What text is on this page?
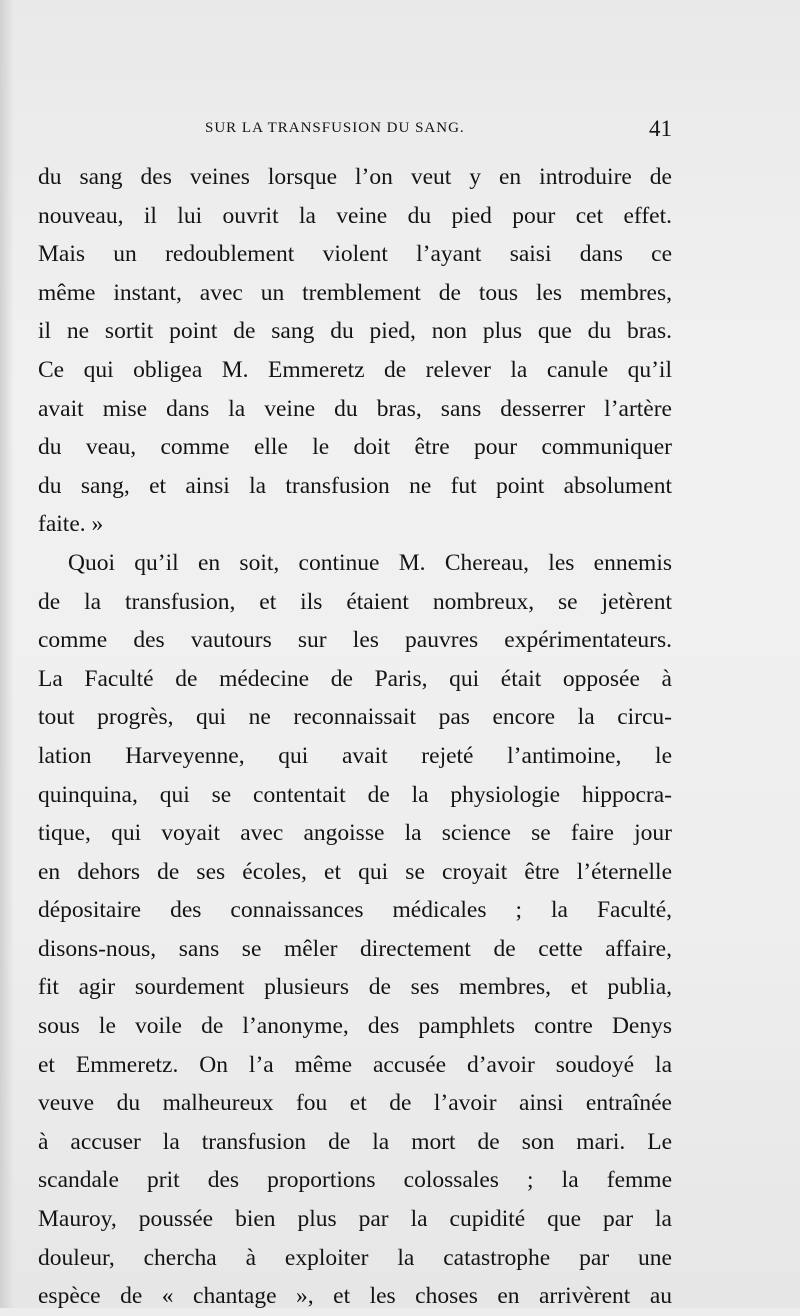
SUR LA TRANSFUSION DU SANG.	41
du sang des veines lorsque l’on veut y en introduire de
nouveau, il lui ouvrit la veine du pied pour cet effet.
Mais un redoublement violent l’ayant saisi dans ce
même instant, avec un tremblement de tous les membres,
il ne sortit point de sang du pied, non plus que du bras.
Ce qui obligea M. Emmeretz de relever la canule qu’il
avait mise dans la veine du bras, sans desserrer l’artère
du veau, comme elle le doit être pour communiquer
du sang, et ainsi la transfusion ne fut point absolument
faite. »
Quoi qu’il en soit, continue M. Chereau, les ennemis
de la transfusion, et ils étaient nombreux, se jetèrent
comme des vautours sur les pauvres expérimentateurs.
La Faculté de médecine de Paris, qui était opposée à
tout progrès, qui ne reconnaissait pas encore la circu-
lation Harveyenne, qui avait rejeté l’antimoine, le
quinquina, qui se contentait de la physiologie hippocra-
tique, qui voyait avec angoisse la science se faire jour
en dehors de ses écoles, et qui se croyait être l’éternelle
dépositaire des connaissances médicales ; la Faculté,
disons-nous, sans se mêler directement de cette affaire,
fit agir sourdement plusieurs de ses membres, et publia,
sous le voile de l’anonyme, des pamphlets contre Denys
et Emmeretz. On l’a même accusée d’avoir soudoyé la
veuve du malheureux fou et de l’avoir ainsi entraînée
à accuser la transfusion de la mort de son mari. Le
scandale prit des proportions colossales ; la femme
Mauroy, poussée bien plus par la cupidité que par la
douleur, chercha à exploiter la catastrophe par une
espèce de « chantage », et les choses en arrivèrent au
